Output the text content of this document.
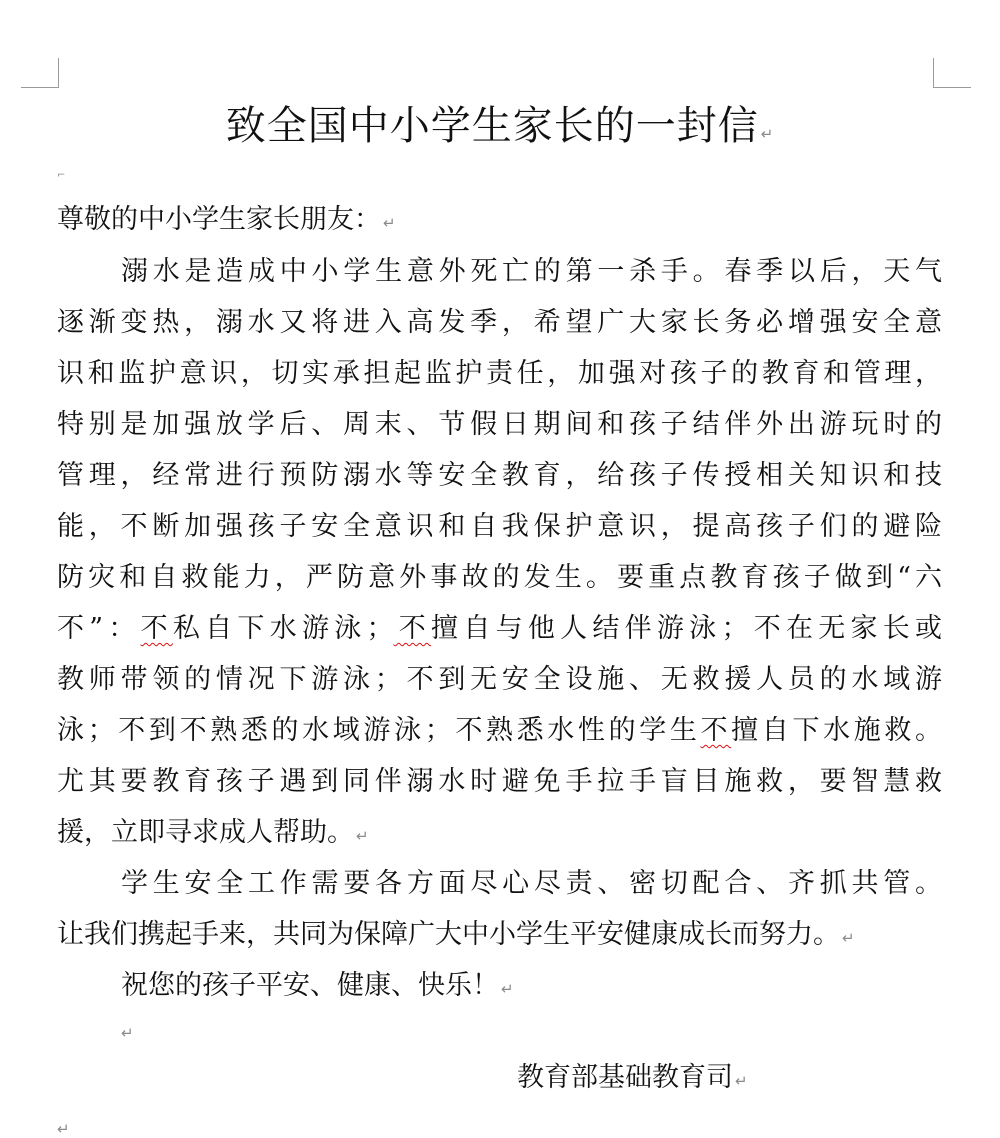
致全国中小学生家长的一封信 ↵
⌐
尊敬的中小学生家长朋友： ↵
溺水是造成中小学生意外死亡的第一杀手。春季以后，天气
逐渐变热，溺水又将进入高发季，希望广大家长务必增强安全意
识和监护意识，切实承担起监护责任，加强对孩子的教育和管理，
特别是加强放学后、周末、节假日期间和孩子结伴外出游玩时的
管理，经常进行预防溺水等安全教育，给孩子传授相关知识和技
能，不断加强孩子安全意识和自我保护意识，提高孩子们的避险
防灾和自救能力，严防意外事故的发生。要重点教育孩子做到“六
不”：不私自下水游泳；不擅自与他人结伴游泳；不在无家长或
教师带领的情况下游泳；不到无安全设施、无救援人员的水域游
泳；不到不熟悉的水域游泳；不熟悉水性的学生不擅自下水施救。
尤其要教育孩子遇到同伴溺水时避免手拉手盲目施救，要智慧救
援，立即寻求成人帮助。 ↵
学生安全工作需要各方面尽心尽责、密切配合、齐抓共管。
让我们携起手来，共同为保障广大中小学生平安健康成长而努力。 ↵
祝您的孩子平安、健康、快乐！ ↵
↵
教育部基础教育司 ↵
↵
